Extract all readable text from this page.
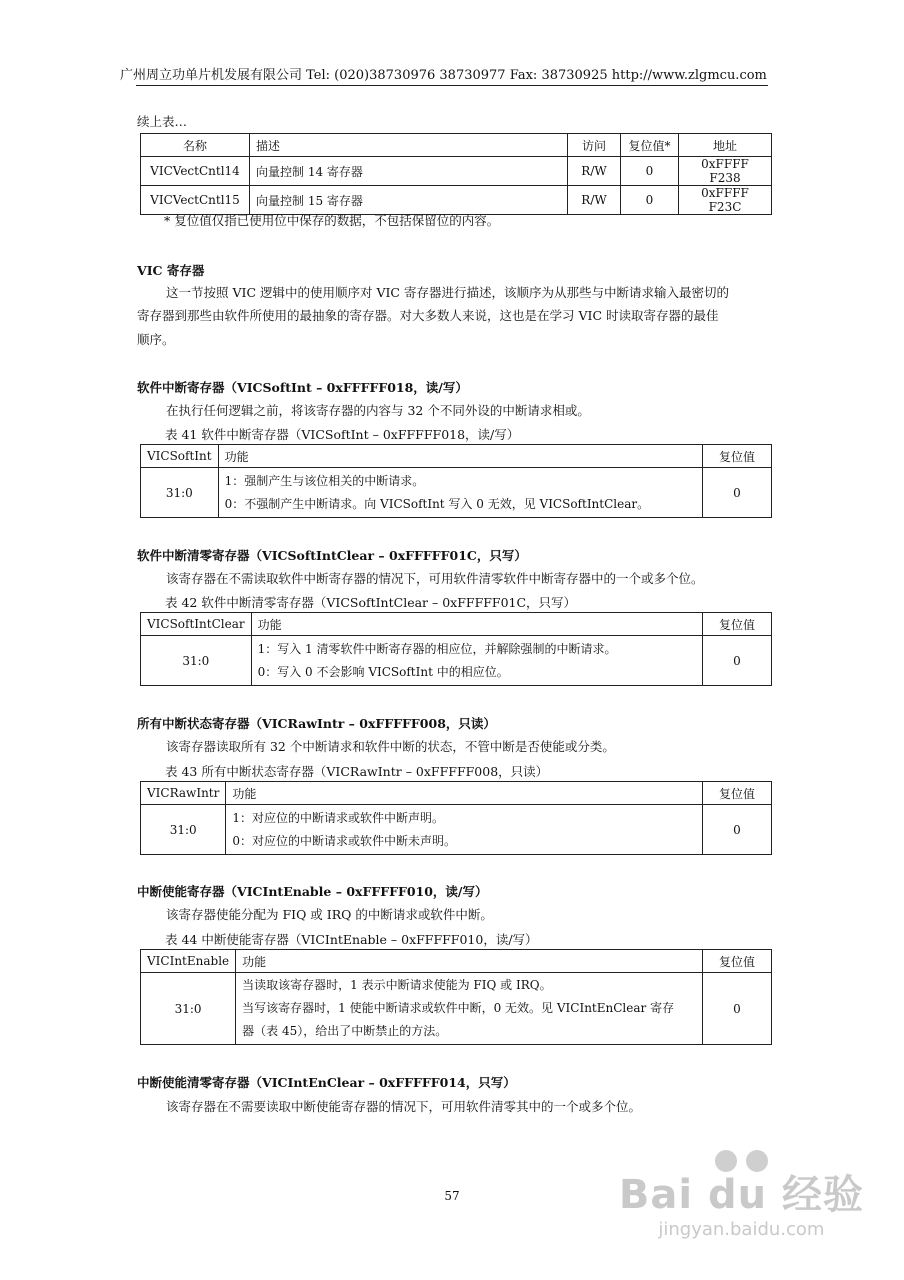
广州周立功单片机发展有限公司 Tel: (020)38730976 38730977 Fax: 38730925 http://www.zlgmcu.com
续上表…
名称	描述	访问	复位值*	地址
VICVectCntl14	向量控制 14 寄存器	R/W	0	0xFFFF F238
VICVectCntl15	向量控制 15 寄存器	R/W	0	0xFFFF F23C
* 复位值仅指已使用位中保存的数据，不包括保留位的内容。
VIC 寄存器
这一节按照 VIC 逻辑中的使用顺序对 VIC 寄存器进行描述，该顺序为从那些与中断请求输入最密切的
寄存器到那些由软件所使用的最抽象的寄存器。对大多数人来说，这也是在学习 VIC 时读取寄存器的最佳
顺序。
软件中断寄存器（VICSoftInt – 0xFFFFF018，读/写）
在执行任何逻辑之前，将该寄存器的内容与 32 个不同外设的中断请求相或。
表 41 软件中断寄存器（VICSoftInt – 0xFFFFF018，读/写）
VICSoftInt	功能	复位值
31:0	1：强制产生与该位相关的中断请求。
0：不强制产生中断请求。向 VICSoftInt 写入 0 无效，见 VICSoftIntClear。	0
软件中断清零寄存器（VICSoftIntClear – 0xFFFFF01C，只写）
该寄存器在不需读取软件中断寄存器的情况下，可用软件清零软件中断寄存器中的一个或多个位。
表 42 软件中断清零寄存器（VICSoftIntClear – 0xFFFFF01C，只写）
VICSoftIntClear	功能	复位值
31:0	1：写入 1 清零软件中断寄存器的相应位，并解除强制的中断请求。
0：写入 0 不会影响 VICSoftInt 中的相应位。	0
所有中断状态寄存器（VICRawIntr – 0xFFFFF008，只读）
该寄存器读取所有 32 个中断请求和软件中断的状态，不管中断是否使能或分类。
表 43 所有中断状态寄存器（VICRawIntr – 0xFFFFF008，只读）
VICRawIntr	功能	复位值
31:0	1：对应位的中断请求或软件中断声明。
0：对应位的中断请求或软件中断未声明。	0
中断使能寄存器（VICIntEnable – 0xFFFFF010，读/写）
该寄存器使能分配为 FIQ 或 IRQ 的中断请求或软件中断。
表 44 中断使能寄存器（VICIntEnable – 0xFFFFF010，读/写）
VICIntEnable	功能	复位值
31:0	当读取该寄存器时，1 表示中断请求使能为 FIQ 或 IRQ。
当写该寄存器时，1 使能中断请求或软件中断，0 无效。见 VICIntEnClear 寄存
器（表 45），给出了中断禁止的方法。	0
中断使能清零寄存器（VICIntEnClear – 0xFFFFF014，只写）
该寄存器在不需要读取中断使能寄存器的情况下，可用软件清零其中的一个或多个位。
57
	Bai du 经验
jingyan.baidu.com
